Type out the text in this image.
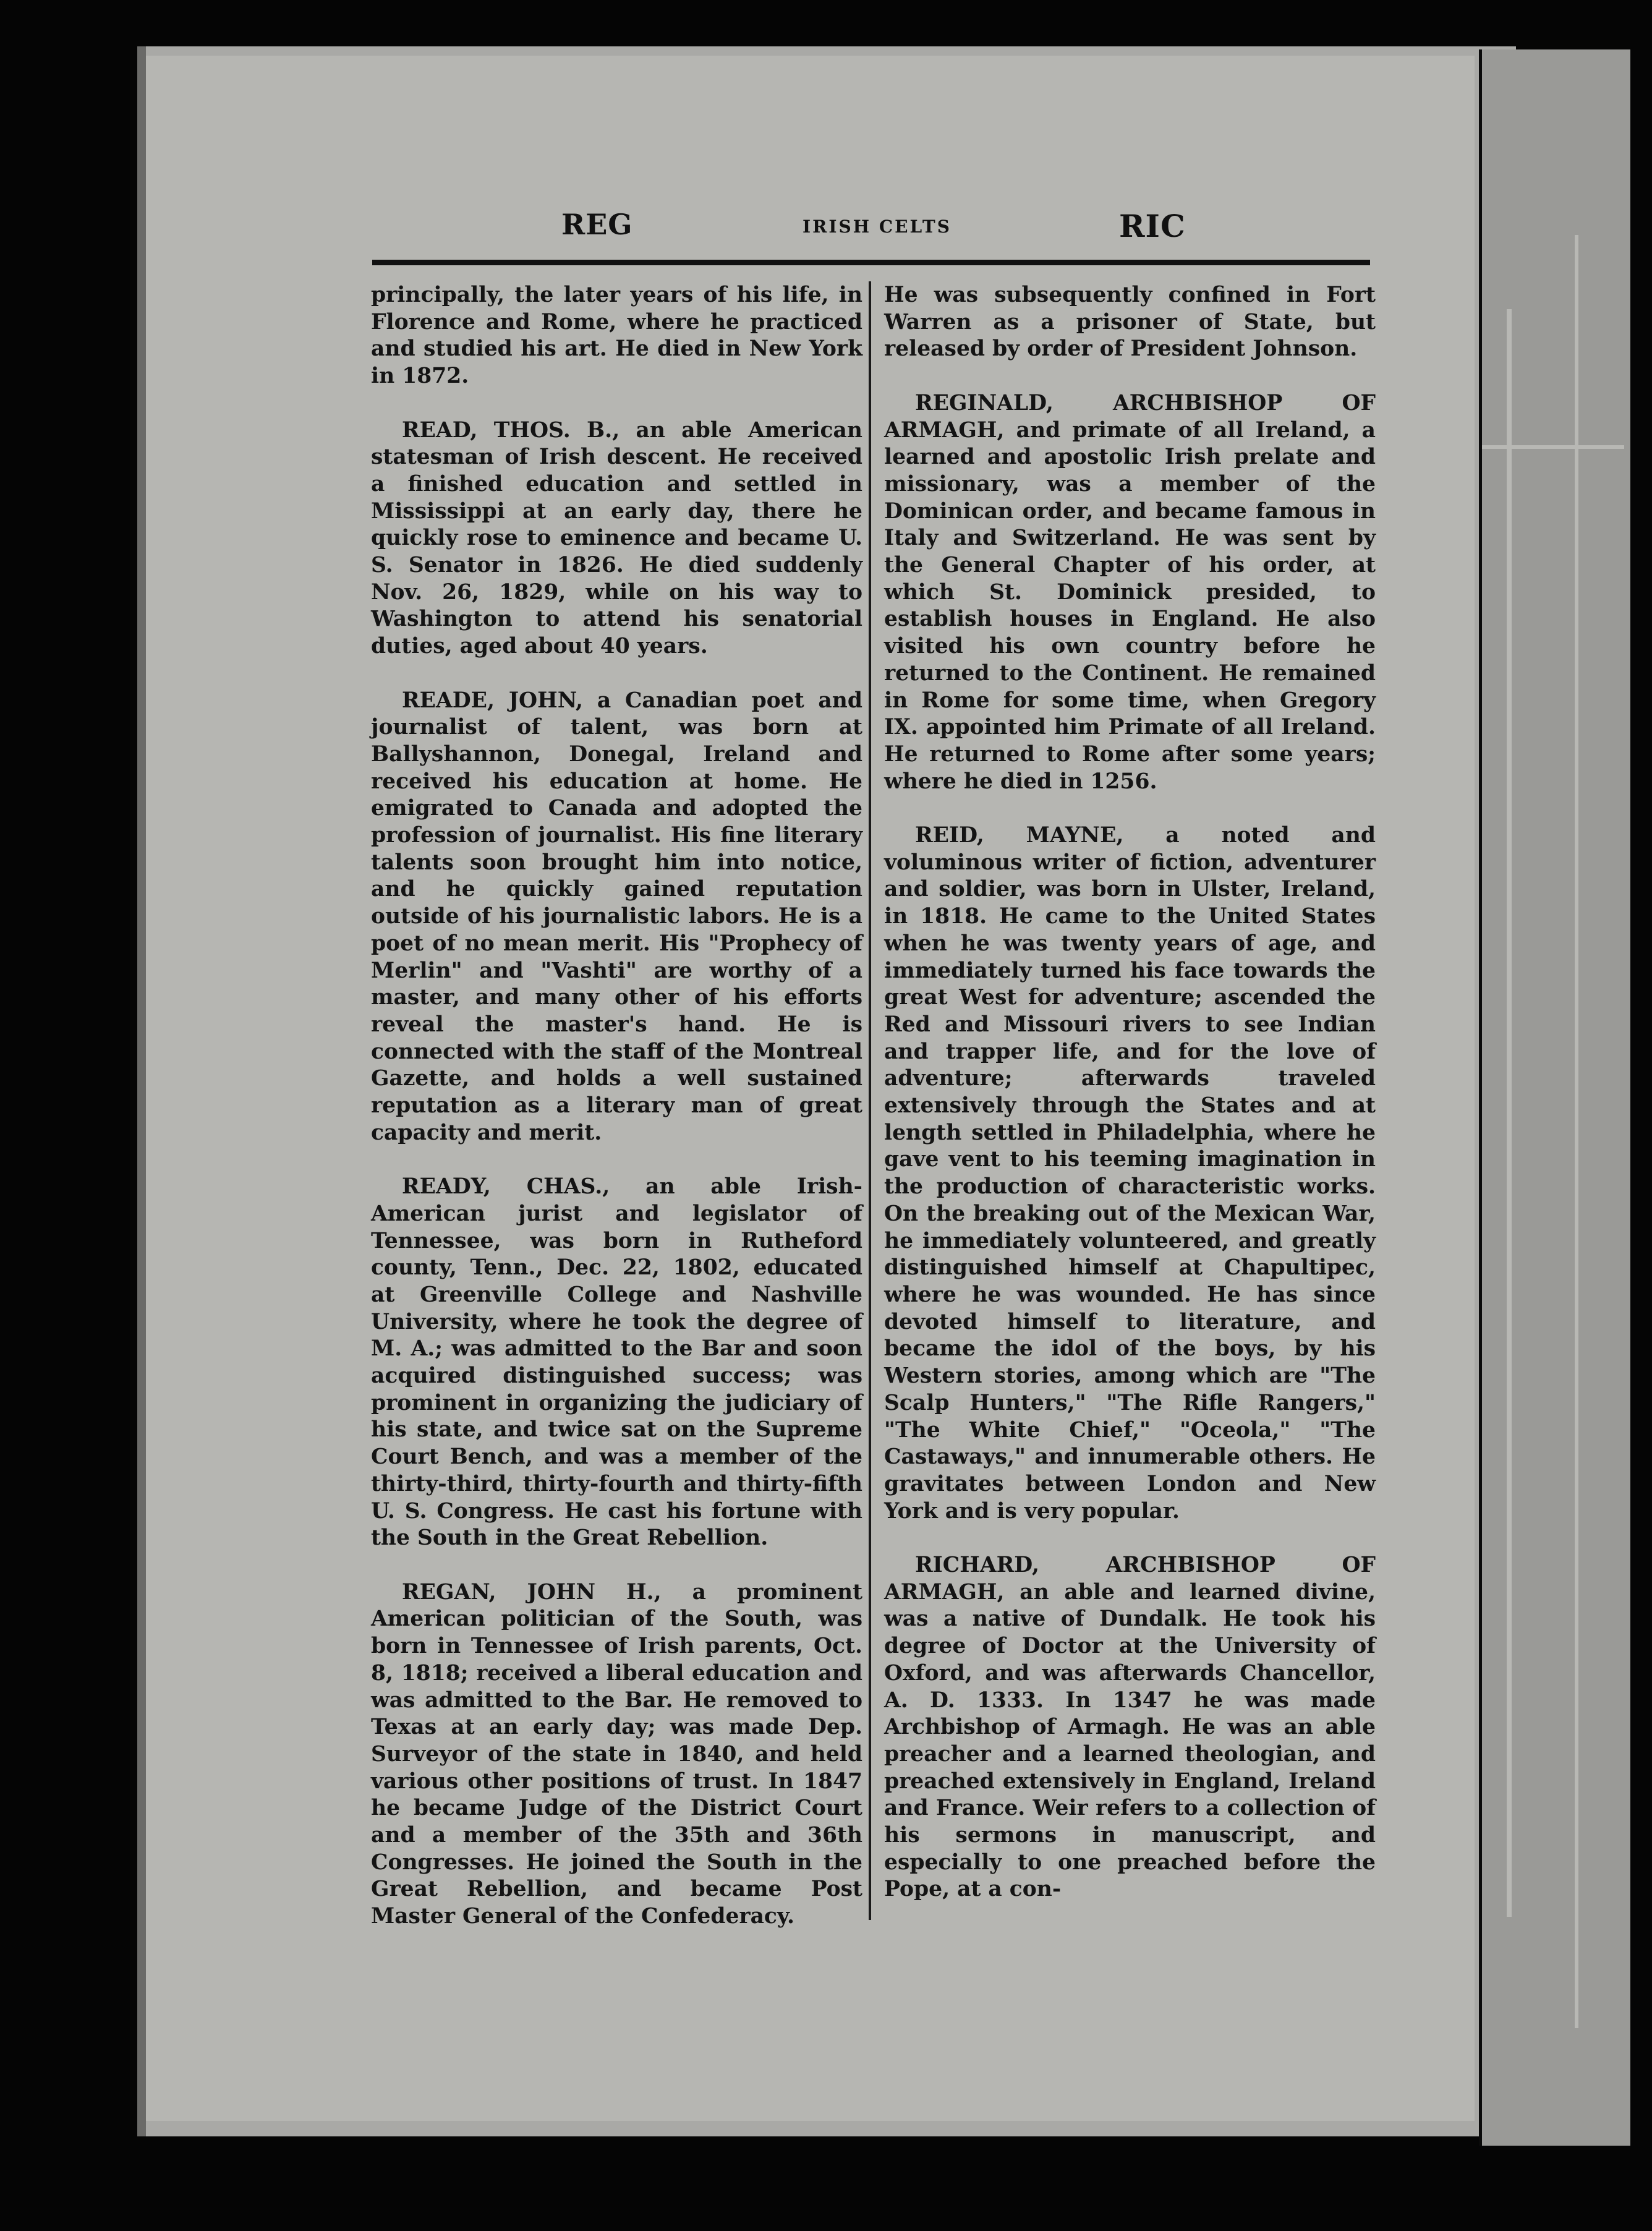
REG	IRISH CELTS	RIC

principally, the later years of his life, in Florence and Rome, where he practiced and studied his art. He died in New York in 1872.

READ, THOS. B., an able American statesman of Irish descent. He received a finished education and settled in Mississippi at an early day, there he quickly rose to eminence and became U. S. Senator in 1826. He died suddenly Nov. 26, 1829, while on his way to Washington to attend his senatorial duties, aged about 40 years.

READE, JOHN, a Canadian poet and journalist of talent, was born at Ballyshannon, Donegal, Ireland and received his education at home. He emigrated to Canada and adopted the profession of journalist. His fine literary talents soon brought him into notice, and he quickly gained reputation outside of his journalistic labors. He is a poet of no mean merit. His "Prophecy of Merlin" and "Vashti" are worthy of a master, and many other of his efforts reveal the master's hand. He is connected with the staff of the Montreal Gazette, and holds a well sustained reputation as a literary man of great capacity and merit.

READY, CHAS., an able Irish-American jurist and legislator of Tennessee, was born in Rutheford county, Tenn., Dec. 22, 1802, educated at Greenville College and Nashville University, where he took the degree of M. A.; was admitted to the Bar and soon acquired distinguished success; was prominent in organizing the judiciary of his state, and twice sat on the Supreme Court Bench, and was a member of the thirty-third, thirty-fourth and thirty-fifth U. S. Congress. He cast his fortune with the South in the Great Rebellion.

REGAN, JOHN H., a prominent American politician of the South, was born in Tennessee of Irish parents, Oct. 8, 1818; received a liberal education and was admitted to the Bar. He removed to Texas at an early day; was made Dep. Surveyor of the state in 1840, and held various other positions of trust. In 1847 he became Judge of the District Court and a member of the 35th and 36th Congresses. He joined the South in the Great Rebellion, and became Post Master General of the Confederacy.

He was subsequently confined in Fort Warren as a prisoner of State, but released by order of President Johnson.

REGINALD, ARCHBISHOP OF ARMAGH, and primate of all Ireland, a learned and apostolic Irish prelate and missionary, was a member of the Dominican order, and became famous in Italy and Switzerland. He was sent by the General Chapter of his order, at which St. Dominick presided, to establish houses in England. He also visited his own country before he returned to the Continent. He remained in Rome for some time, when Gregory IX. appointed him Primate of all Ireland. He returned to Rome after some years; where he died in 1256.

REID, MAYNE, a noted and voluminous writer of fiction, adventurer and soldier, was born in Ulster, Ireland, in 1818. He came to the United States when he was twenty years of age, and immediately turned his face towards the great West for adventure; ascended the Red and Missouri rivers to see Indian and trapper life, and for the love of adventure; afterwards traveled extensively through the States and at length settled in Philadelphia, where he gave vent to his teeming imagination in the production of characteristic works. On the breaking out of the Mexican War, he immediately volunteered, and greatly distinguished himself at Chapultipec, where he was wounded. He has since devoted himself to literature, and became the idol of the boys, by his Western stories, among which are "The Scalp Hunters," "The Rifle Rangers," "The White Chief," "Oceola," "The Castaways," and innumerable others. He gravitates between London and New York and is very popular.

RICHARD, ARCHBISHOP OF ARMAGH, an able and learned divine, was a native of Dundalk. He took his degree of Doctor at the University of Oxford, and was afterwards Chancellor, A. D. 1333. In 1347 he was made Archbishop of Armagh. He was an able preacher and a learned theologian, and preached extensively in England, Ireland and France. Weir refers to a collection of his sermons in manuscript, and especially to one preached before the Pope, at a con-
